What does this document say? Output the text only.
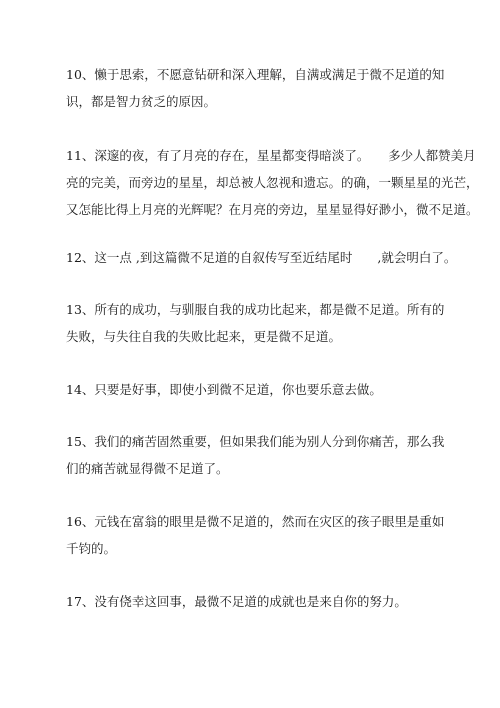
10、懒于思索，不愿意钻研和深入理解，自满或满足于微不足道的知
识，都是智力贫乏的原因。
11、深邃的夜，有了月亮的存在，星星都变得暗淡了。　　多少人都赞美月
亮的完美，而旁边的星星，却总被人忽视和遗忘。的确，一颗星星的光芒，
又怎能比得上月亮的光辉呢？在月亮的旁边，星星显得好渺小，微不足道。
12、这一点 ,到这篇微不足道的自叙传写至近结尾时　　,就会明白了。
13、所有的成功，与驯服自我的成功比起来，都是微不足道。所有的
失败，与失往自我的失败比起来，更是微不足道。
14、只要是好事，即使小到微不足道，你也要乐意去做。
15、我们的痛苦固然重要，但如果我们能为别人分到你痛苦，那么我
们的痛苦就显得微不足道了。
16、元钱在富翁的眼里是微不足道的，然而在灾区的孩子眼里是重如
千钧的。
17、没有侥幸这回事，最微不足道的成就也是来自你的努力。
